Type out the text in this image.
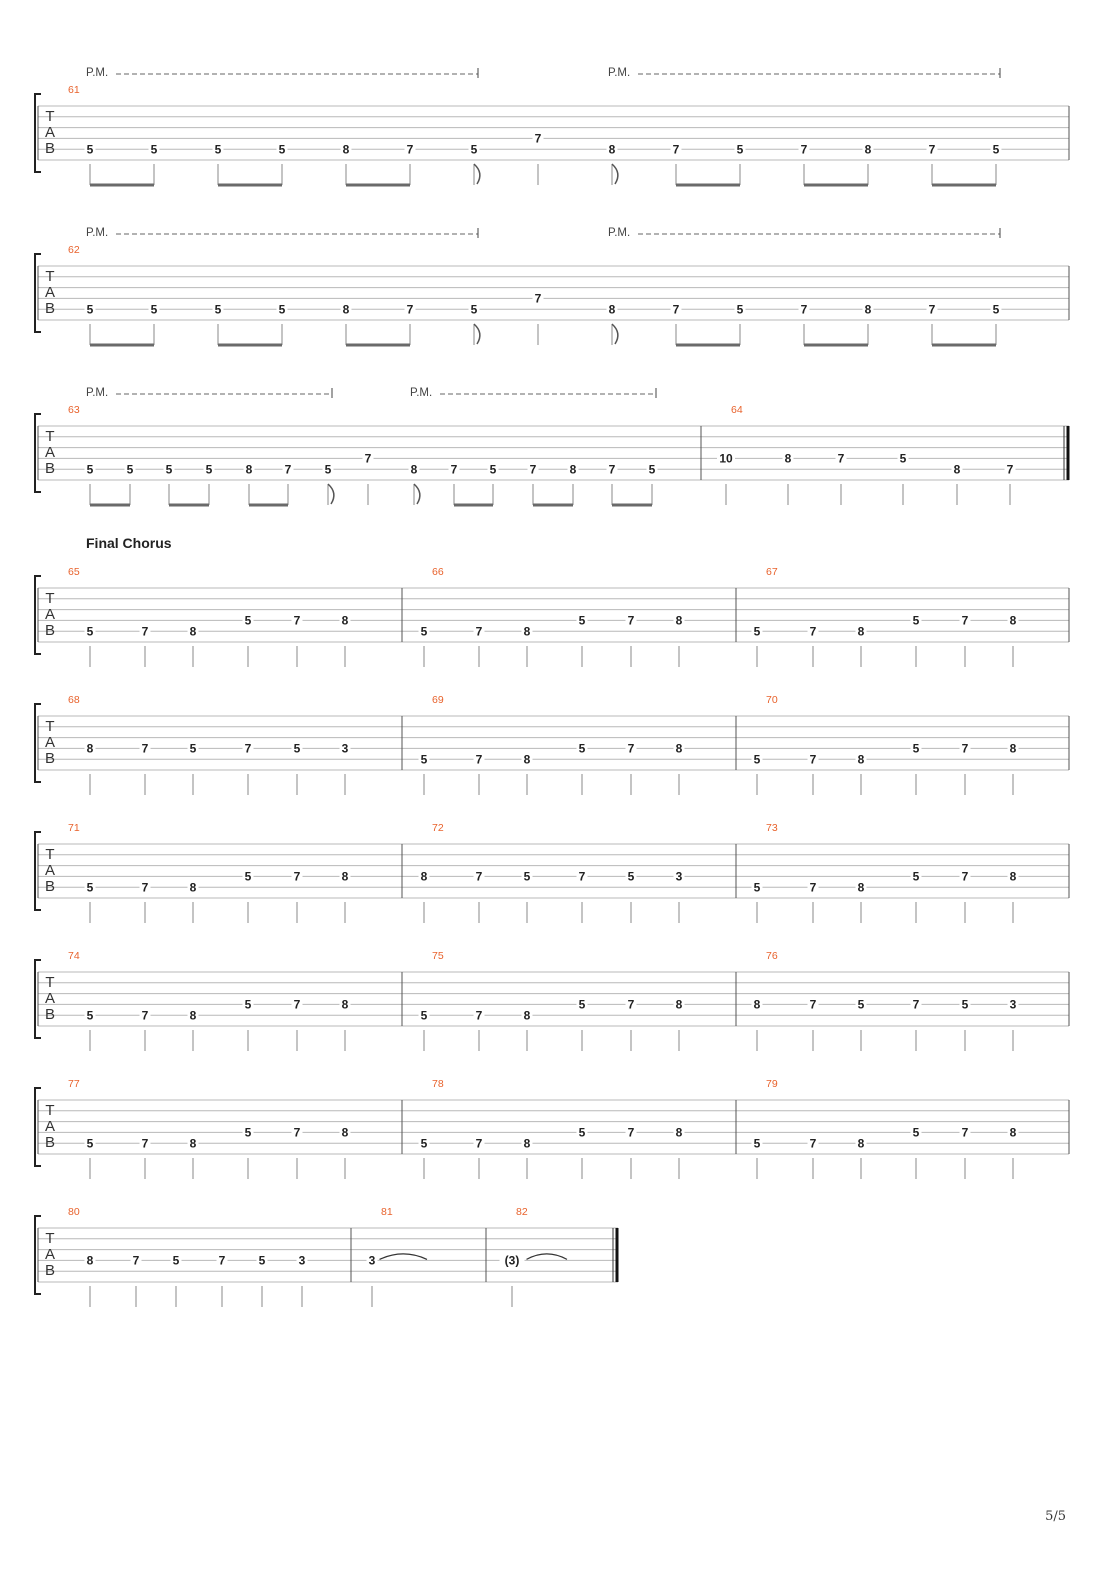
T
A
B
61
5	5	5	5	8	7	5
7
8	7	5	7	8	7	5
P.M.	P.M.
T
A
B
62
5	5	5	5	8	7	5
7
8	7	5	7	8	7	5
P.M.	P.M.
T
A
B
63
5	5	5	5	8	7	5
7
8	7	5	7	8	7	5
64
10	8	7	5
8	7
P.M.	P.M.
T
A
B
Final Chorus
65
5	7	8
5	7	8
66
5	7	8
5	7	8
67
5	7	8
5	7	8
T
A
B
68
8	7	5	7	5	3
69
5	7	8
5	7	8
70
5	7	8
5	7	8
T
A
B
71
5	7	8
5	7	8
72
8	7	5	7	5	3
73
5	7	8
5	7	8
T
A
B
74
5	7	8
5	7	8
75
5	7	8
5	7	8
76
8	7	5	7	5	3
T
A
B
77
5	7	8
5	7	8
78
5	7	8
5	7	8
79
5	7	8
5	7	8
T
A
B
80
8	7	5	7	5	3
81
3
82
(3)
5/5
